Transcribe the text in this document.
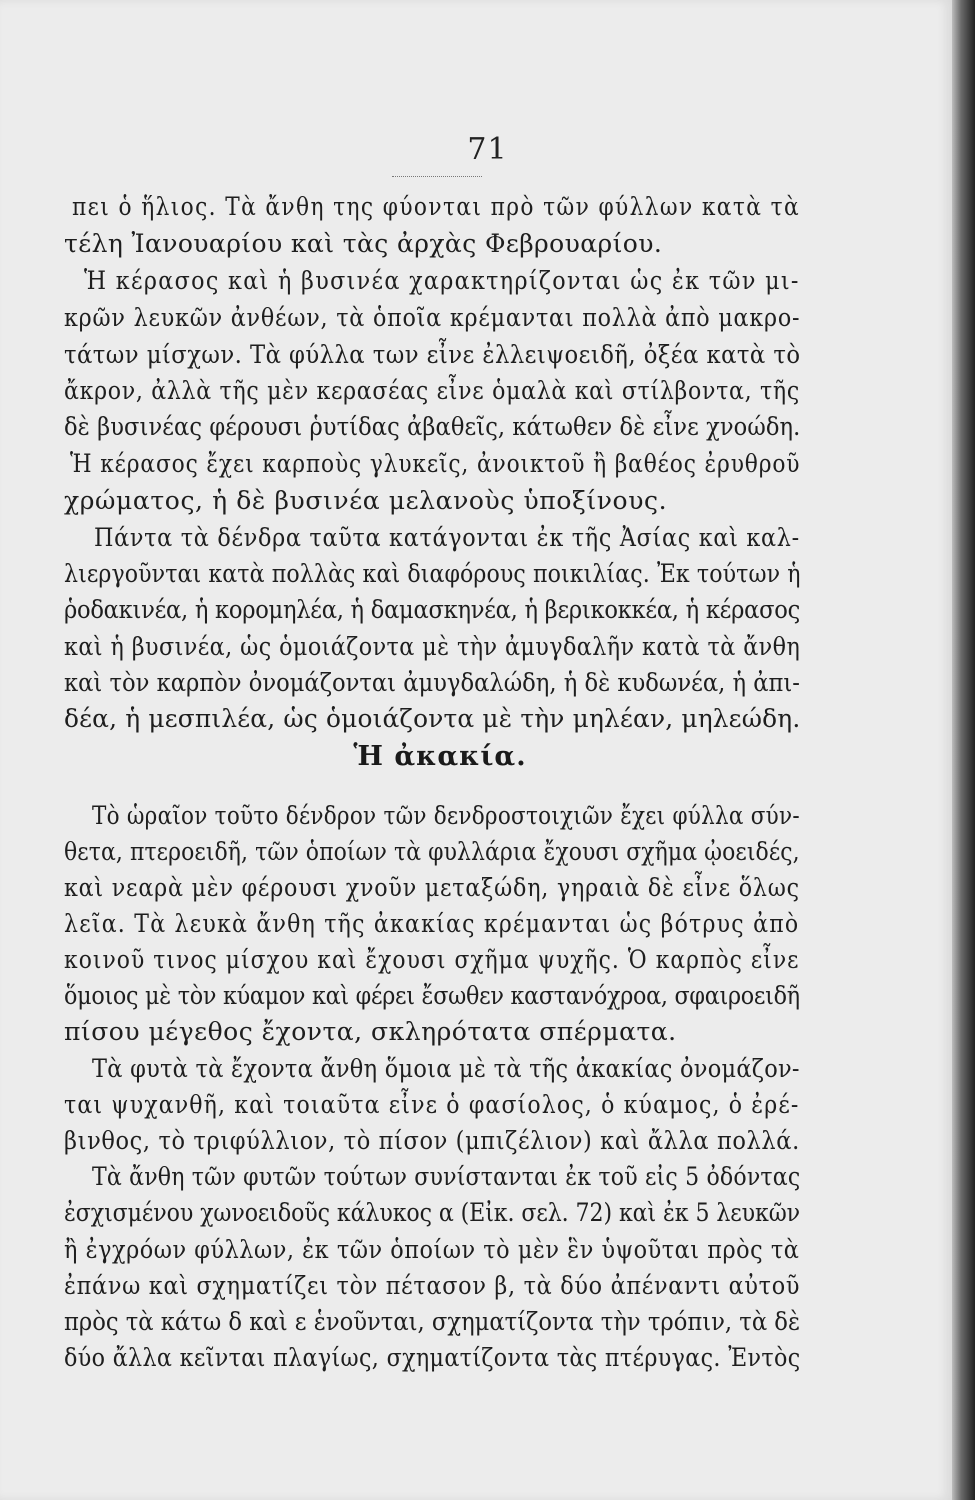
71
πει ὁ ἥλιος. Τὰ ἄνθη της φύονται πρὸ τῶν φύλλων κατὰ τὰ
τέλη Ἰανουαρίου καὶ τὰς ἀρχὰς Φεβρουαρίου.
Ἡ κέρασος καὶ ἡ βυσινέα χαρακτηρίζονται ὡς ἐκ τῶν μι-
κρῶν λευκῶν ἀνθέων, τὰ ὁποῖα κρέμανται πολλὰ ἀπὸ μακρο-
τάτων μίσχων. Τὰ φύλλα των εἶνε ἐλλειψοειδῆ, ὀξέα κατὰ τὸ
ἄκρον, ἀλλὰ τῆς μὲν κερασέας εἶνε ὁμαλὰ καὶ στίλβοντα, τῆς
δὲ βυσινέας φέρουσι ῥυτίδας ἀβαθεῖς, κάτωθεν δὲ εἶνε χνοώδη.
Ἡ κέρασος ἔχει καρποὺς γλυκεῖς, ἀνοικτοῦ ἢ βαθέος ἐρυθροῦ
χρώματος, ἡ δὲ βυσινέα μελανοὺς ὑποξίνους.
Πάντα τὰ δένδρα ταῦτα κατάγονται ἐκ τῆς Ἀσίας καὶ καλ-
λιεργοῦνται κατὰ πολλὰς καὶ διαφόρους ποικιλίας. Ἐκ τούτων ἡ
ῥοδακινέα, ἡ κορομηλέα, ἡ δαμασκηνέα, ἡ βερικοκκέα, ἡ κέρασος
καὶ ἡ βυσινέα, ὡς ὁμοιάζοντα μὲ τὴν ἀμυγδαλῆν κατὰ τὰ ἄνθη
καὶ τὸν καρπὸν ὀνομάζονται ἀμυγδαλώδη, ἡ δὲ κυδωνέα, ἡ ἀπι-
δέα, ἡ μεσπιλέα, ὡς ὁμοιάζοντα μὲ τὴν μηλέαν, μηλεώδη.
Ἡ ἀκακία.
Τὸ ὡραῖον τοῦτο δένδρον τῶν δενδροστοιχιῶν ἔχει φύλλα σύν-
θετα, πτεροειδῆ, τῶν ὁποίων τὰ φυλλάρια ἔχουσι σχῆμα ᾠοειδές,
καὶ νεαρὰ μὲν φέρουσι χνοῦν μεταξώδη, γηραιὰ δὲ εἶνε ὅλως
λεῖα. Τὰ λευκὰ ἄνθη τῆς ἀκακίας κρέμανται ὡς βότρυς ἀπὸ
κοινοῦ τινος μίσχου καὶ ἔχουσι σχῆμα ψυχῆς. Ὁ καρπὸς εἶνε
ὅμοιος μὲ τὸν κύαμον καὶ φέρει ἔσωθεν καστανόχροα, σφαιροειδῆ
πίσου μέγεθος ἔχοντα, σκληρότατα σπέρματα.
Τὰ φυτὰ τὰ ἔχοντα ἄνθη ὅμοια μὲ τὰ τῆς ἀκακίας ὀνομάζον-
ται ψυχανθῆ, καὶ τοιαῦτα εἶνε ὁ φασίολος, ὁ κύαμος, ὁ ἐρέ-
βινθος, τὸ τριφύλλιον, τὸ πίσον (μπιζέλιον) καὶ ἄλλα πολλά.
Τὰ ἄνθη τῶν φυτῶν τούτων συνίστανται ἐκ τοῦ εἰς 5 ὀδόντας
ἐσχισμένου χωνοειδοῦς κάλυκος α (Εἰκ. σελ. 72) καὶ ἐκ 5 λευκῶν
ἢ ἐγχρόων φύλλων, ἐκ τῶν ὁποίων τὸ μὲν ἓν ὑψοῦται πρὸς τὰ
ἐπάνω καὶ σχηματίζει τὸν πέτασον β, τὰ δύο ἀπέναντι αὐτοῦ
πρὸς τὰ κάτω δ καὶ ε ἑνοῦνται, σχηματίζοντα τὴν τρόπιν, τὰ δὲ
δύο ἄλλα κεῖνται πλαγίως, σχηματίζοντα τὰς πτέρυγας. Ἐντὸς
